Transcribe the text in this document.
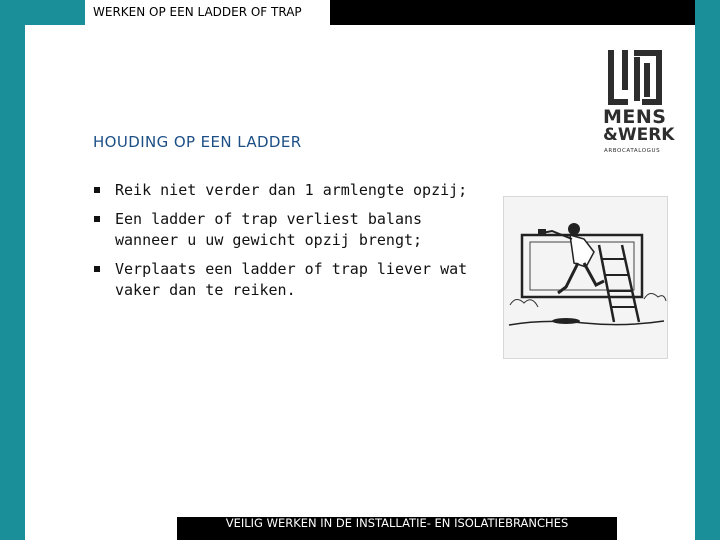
WERKEN OP EEN LADDER OF TRAP
HOUDING OP EEN LADDER
Reik niet verder dan 1 armlengte opzij;
Een ladder of trap verliest balans wanneer u uw gewicht opzij brengt;
Verplaats een ladder of trap liever wat vaker dan te reiken.
MENS
&WERK
ARBOCATALOGUS
VEILIG WERKEN IN DE INSTALLATIE- EN ISOLATIEBRANCHES
